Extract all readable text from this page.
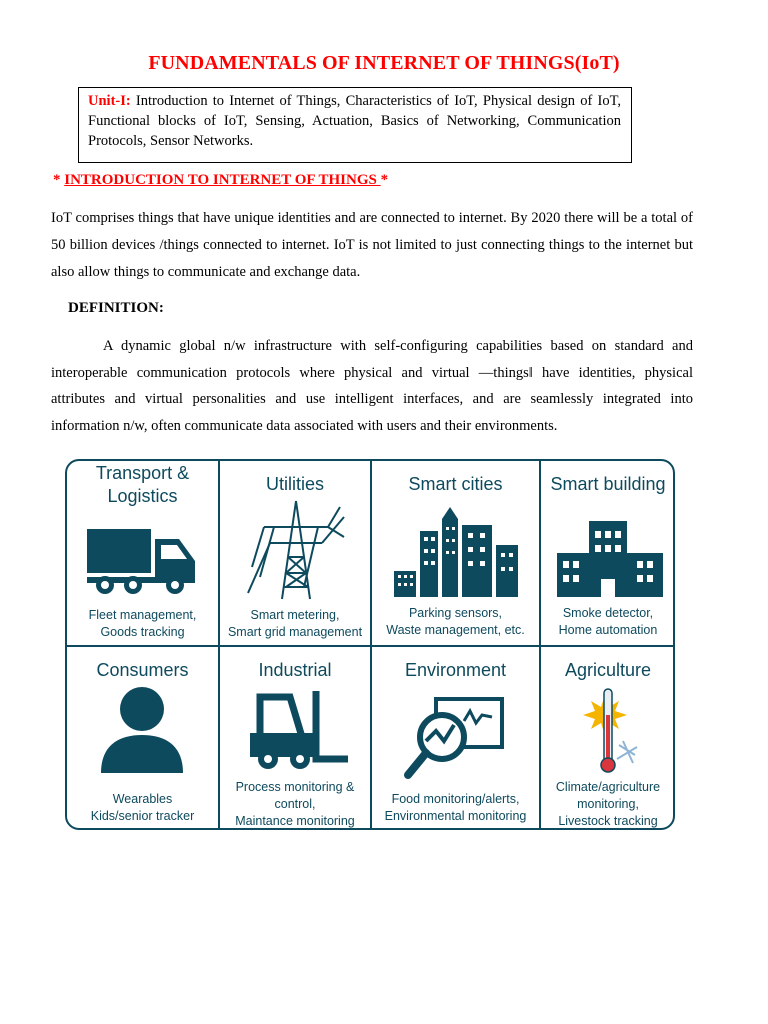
FUNDAMENTALS OF INTERNET OF THINGS(IoT)
Unit-I: Introduction to Internet of Things, Characteristics of IoT, Physical design of IoT, Functional blocks of IoT, Sensing, Actuation, Basics of Networking, Communication Protocols, Sensor Networks.
* INTRODUCTION TO INTERNET OF THINGS *
IoT comprises things that have unique identities and are connected to internet. By 2020 there will be a total of 50 billion devices /things connected to internet. IoT is not limited to just connecting things to the internet but also allow things to communicate and exchange data.
DEFINITION:
A dynamic global n/w infrastructure with self-configuring capabilities based on standard and interoperable communication protocols where physical and virtual —things‖ have identities, physical attributes and virtual personalities and use intelligent interfaces, and are seamlessly integrated into information n/w, often communicate data associated with users and their environments.
Transport &
Logistics
Fleet management,
Goods tracking
Utilities
Smart metering,
Smart grid management
Smart cities
Parking sensors,
Waste management, etc.
Smart building
Smoke detector,
Home automation
Consumers
Wearables
Kids/senior tracker
Industrial
Process monitoring &
control,
Maintance monitoring
Environment
Food monitoring/alerts,
Environmental monitoring
Agriculture
Climate/agriculture
monitoring,
Livestock tracking
